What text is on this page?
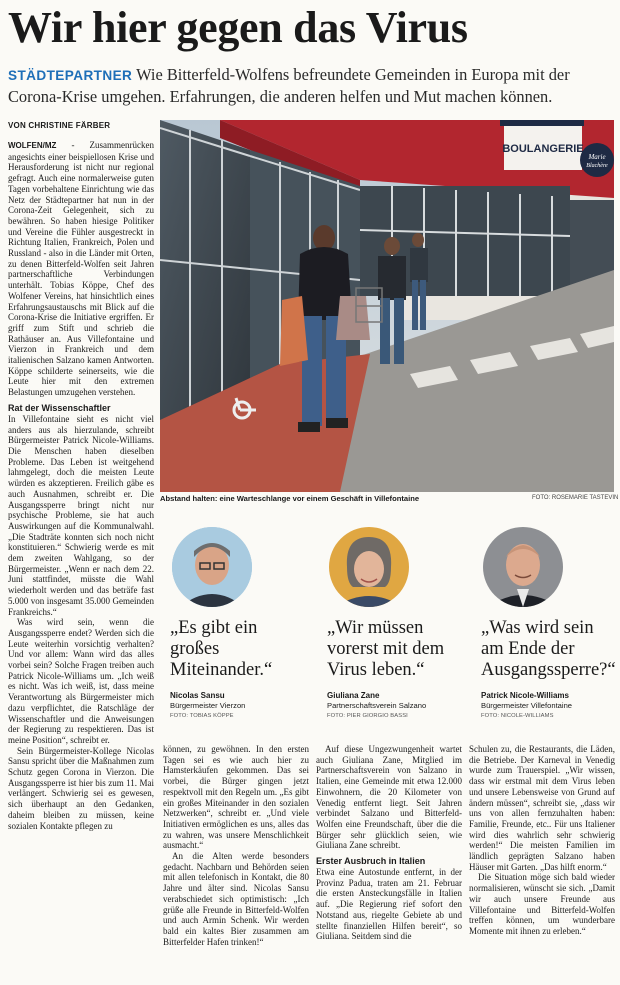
Wir hier gegen das Virus
STÄDTEPARTNER Wie Bitterfeld-Wolfens befreundete Gemeinden in Europa mit der Corona-Krise umgehen. Erfahrungen, die anderen helfen und Mut machen können.
VON CHRISTINE FÄRBER

WOLFEN/MZ - Zusammenrücken angesichts einer beispiellosen Krise und Herausforderung ist nicht nur regional gefragt. Auch eine normalerweise guten Tagen vorbehaltene Einrichtung wie das Netz der Städtepartner hat nun in der Corona-Zeit Gelegenheit, sich zu bewähren. So haben hiesige Politiker und Vereine die Fühler ausgestreckt in Richtung Italien, Frankreich, Polen und Russland - also in die Länder mit Orten, zu denen Bitterfeld-Wolfen seit Jahren partnerschaftliche Verbindungen unterhält. Tobias Köppe, Chef des Wolfener Vereins, hat hinsichtlich eines Erfahrungsaustauschs mit Blick auf die Corona-Krise die Initiative ergriffen. Er griff zum Stift und schrieb die Rathäuser an. Aus Villefontaine und Vierzon in Frankreich und dem italienischen Salzano kamen Antworten. Köppe schilderte seinerseits, wie die Leute hier mit den extremen Belastungen umzugehen verstehen.

Rat der Wissenschaftler

In Villefontaine sieht es nicht viel anders aus als hierzulande, schreibt Bürgermeister Patrick Nicole-Williams. Die Menschen haben dieselben Probleme. Das Leben ist weitgehend lahmgelegt, doch die meisten Leute würden es akzeptieren. Freilich gäbe es auch Ausnahmen, schreibt er. Die Ausgangssperre bringt nicht nur psychische Probleme, sie hat auch Auswirkungen auf die Kommunalwahl. „Die Stadträte konnten sich noch nicht konstituieren.“ Schwierig werde es mit dem zweiten Wahlgang, so der Bürgermeister. „Wenn er nach dem 22. Juni stattfindet, müsste die Wahl wiederholt werden und das beträfe fast 5.000 von insgesamt 35.000 Gemeinden Frankreichs.“

Was wird sein, wenn die Ausgangssperre endet? Werden sich die Leute weiterhin vorsichtig verhalten? Und vor allem: Wann wird das alles vorbei sein? Solche Fragen treiben auch Patrick Nicole-Williams um. „Ich weiß es nicht. Was ich weiß, ist, dass meine Verantwortung als Bürgermeister mich dazu verpflichtet, die Ratschläge der Wissenschaftler und die Anweisungen der Regierung zu respektieren. Das ist meine Position“, schreibt er.

Sein Bürgermeister-Kollege Nicolas Sansu spricht über die Maßnahmen zum Schutz gegen Corona in Vierzon. Die Ausgangssperre ist hier bis zum 11. Mai verlängert. Schwierig sei es gewesen, sich überhaupt an den Gedanken, daheim bleiben zu müssen, keine sozialen Kontakte pflegen zu

BOULANGERIE
Marie
Blachère
Abstand halten: eine Warteschlange vor einem Geschäft in Villefontaine	FOTO: ROSEMARIE TASTEVIN
„Es gibt ein großes Miteinander.“
Nicolas Sansu
Bürgermeister Vierzon
FOTO: TOBIAS KÖPPE
„Wir müssen vorerst mit dem Virus leben.“
Giuliana Zane
Partnerschaftsverein Salzano
FOTO: PIER GIORGIO BASSI
„Was wird sein am Ende der Ausgangssperre?“
Patrick Nicole-Williams
Bürgermeister Villefontaine
FOTO: NICOLE-WILLIAMS

können, zu gewöhnen. In den ersten Tagen sei es wie auch hier zu Hamsterkäufen gekommen. Das sei vorbei, die Bürger gingen jetzt respektvoll mit den Regeln um. „Es gibt ein großes Miteinander in den sozialen Netzwerken“, schreibt er. „Und viele Initiativen ermöglichen es uns, alles das zu wahren, was unsere Menschlichkeit ausmacht.“

An die Alten werde besonders gedacht. Nachbarn und Behörden seien mit allen telefonisch in Kontakt, die 80 Jahre und älter sind. Nicolas Sansu verabschiedet sich optimistisch: „Ich grüße alle Freunde in Bitterfeld-Wolfen und auch Armin Schenk. Wir werden bald ein kaltes Bier zusammen am Bitterfelder Hafen trinken!“

Auf diese Ungezwungenheit wartet auch Giuliana Zane, Mitglied im Partnerschaftsverein von Salzano in Italien, eine Gemeinde mit etwa 12.000 Einwohnern, die 20 Kilometer von Venedig entfernt liegt. Seit Jahren verbindet Salzano und Bitterfeld-Wolfen eine Freundschaft, über die die Bürger sehr glücklich seien, wie Giuliana Zane schreibt.

Erster Ausbruch in Italien

Etwa eine Autostunde entfernt, in der Provinz Padua, traten am 21. Februar die ersten Ansteckungsfälle in Italien auf. „Die Regierung rief sofort den Notstand aus, riegelte Gebiete ab und stellte finanziellen Hilfen bereit“, so Giuliana. Seitdem sind die

Schulen zu, die Restaurants, die Läden, die Betriebe. Der Karneval in Venedig wurde zum Trauerspiel. „Wir wissen, dass wir erstmal mit dem Virus leben und unsere Lebensweise von Grund auf ändern müssen“, schreibt sie, „dass wir uns von allen fernzuhalten haben: Familie, Freunde, etc.. Für uns Italiener wird dies wahrlich sehr schwierig werden!“ Die meisten Familien im ländlich geprägten Salzano haben Häuser mit Garten. „Das hilft enorm.“

Die Situation möge sich bald wieder normalisieren, wünscht sie sich. „Damit wir auch unsere Freunde aus Villefontaine und Bitterfeld-Wolfen treffen können, um wunderbare Momente mit ihnen zu erleben.“
